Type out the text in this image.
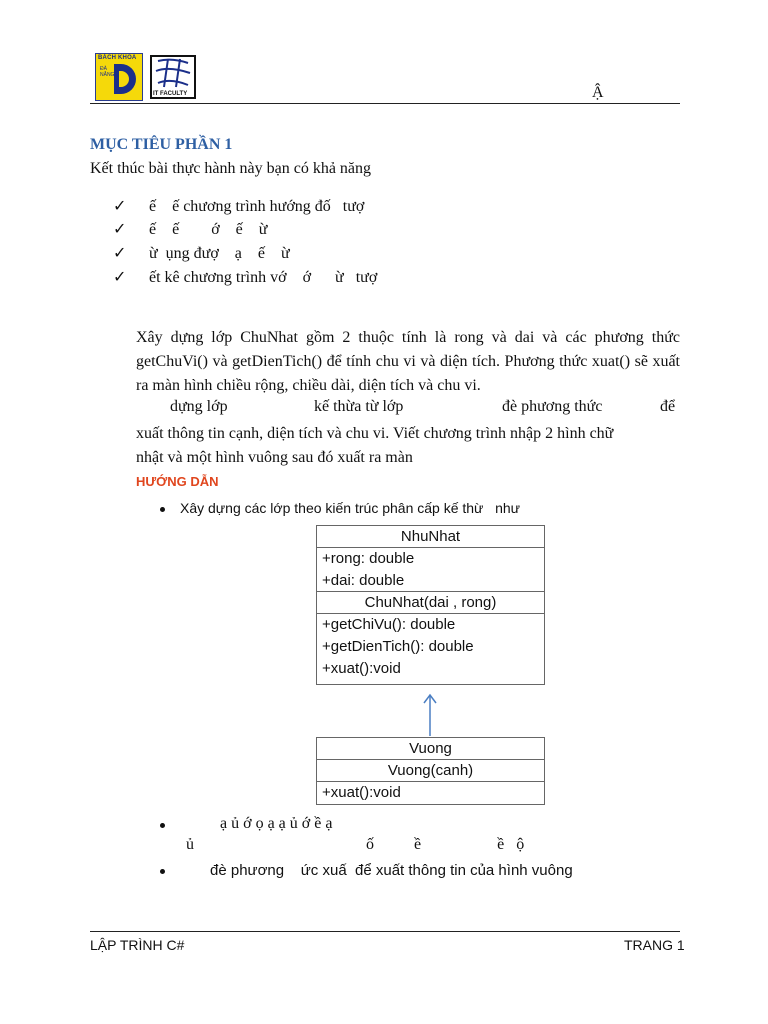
BÁCH KHOA
ĐÀ NẴNG
IT FACULTY	Ậ
MỤC TIÊU PHẦN 1
Kết thúc bài thực hành này bạn có khả năng
✓ ế    ế chương trình hướng đố   tượ
✓ ế    ế        ớ    ế    ừ
✓ ừ  ụng đượ    ạ    ế    ừ
✓ ết kê chương trình vớ    ớ      ừ   tượ
Xây dựng lớp ChuNhat gồm 2 thuộc tính là rong và dai và các phương thức getChuVi() và getDienTich() để tính chu vi và diện tích. Phương thức xuat() sẽ xuất ra màn hình chiều rộng, chiều dài, diện tích và chu vi.
dựng lớp	kế thừa từ lớp	đè phương thức	để
xuất thông tin cạnh, diện tích và chu vi. Viết chương trình nhập 2 hình chữ
nhật và một hình vuông sau đó xuất ra màn
HƯỚNG DẪN
Xây dựng các lớp theo kiến trúc phân cấp kế thừ   như
NhuNhat
+rong: double
+dai: double
ChuNhat(dai , rong)
+getChiVu(): double
+getDienTich(): double
+xuat():void
Vuong
Vuong(canh)
+xuat():void
ạ ủ ớ ọ ạ ạ ủ ớ ề ạ
ủ                                           ố          ề                   ề   ộ
đè phương    ức xuấ  để xuất thông tin của hình vuông
LẬP TRÌNH C#	TRANG 1
